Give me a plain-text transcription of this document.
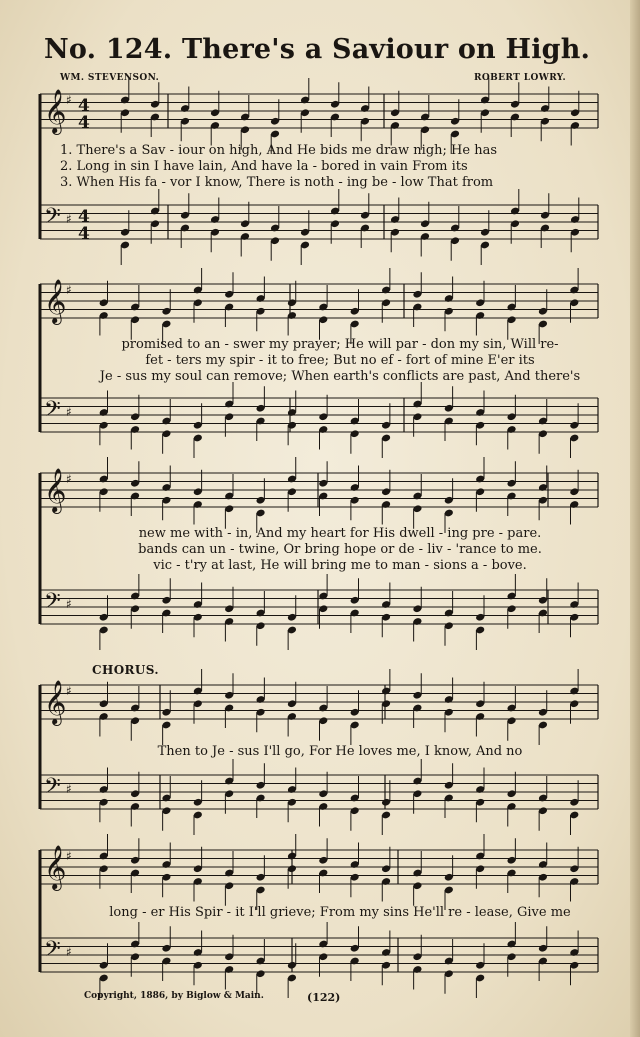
No. 124. There's a Saviour on High.
WM. STEVENSON.	ROBERT LOWRY.
𝄞 ♯ 4
4
𝄢 ♯ 4
4
𝄞 ♯
𝄢 ♯
𝄞 ♯
𝄢 ♯
𝄞 ♯
𝄢 ♯
𝄞 ♯
𝄢 ♯
1. There's a Sav - iour on high, And He bids me draw nigh; He has
2. Long in sin I have lain, And have la - bored in vain From its
3. When His fa - vor I know, There is noth - ing be - low That from
promised to an - swer my prayer; He will par - don my sin, Will re-
fet - ters my spir - it to free; But no ef - fort of mine E'er its
Je - sus my soul can remove; When earth's conflicts are past, And there's
new me with - in, And my heart for His dwell - ing pre - pare.
bands can un - twine, Or bring hope or de - liv - 'rance to me.
vic - t'ry at last, He will bring me to man - sions a - bove.
CHORUS.
Then to Je - sus I'll go, For He loves me, I know, And no
long - er His Spir - it I'll grieve; From my sins He'll re - lease, Give me
Copyright, 1886, by Biglow & Main.	(122)
